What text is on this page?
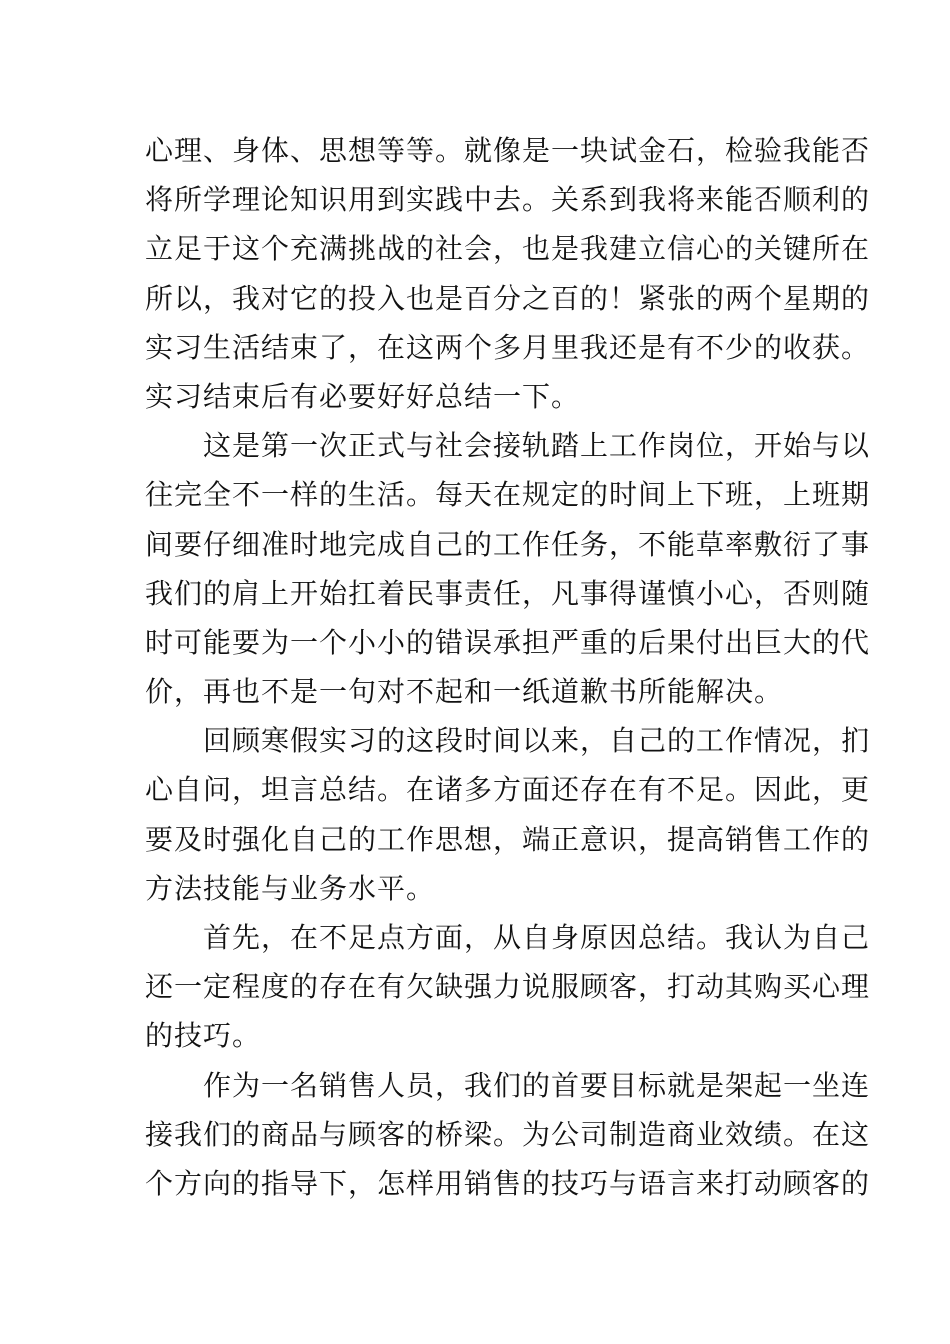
心理、身体、思想等等。就像是一块试金石，检验我能否
将所学理论知识用到实践中去。关系到我将来能否顺利的
立足于这个充满挑战的社会，也是我建立信心的关键所在
所以，我对它的投入也是百分之百的！紧张的两个星期的
实习生活结束了，在这两个多月里我还是有不少的收获。
实习结束后有必要好好总结一下。
这是第一次正式与社会接轨踏上工作岗位，开始与以
往完全不一样的生活。每天在规定的时间上下班，上班期
间要仔细准时地完成自己的工作任务，不能草率敷衍了事
我们的肩上开始扛着民事责任，凡事得谨慎小心，否则随
时可能要为一个小小的错误承担严重的后果付出巨大的代
价，再也不是一句对不起和一纸道歉书所能解决。
回顾寒假实习的这段时间以来，自己的工作情况，扪
心自问，坦言总结。在诸多方面还存在有不足。因此，更
要及时强化自己的工作思想，端正意识，提高销售工作的
方法技能与业务水平。
首先，在不足点方面，从自身原因总结。我认为自己
还一定程度的存在有欠缺强力说服顾客，打动其购买心理
的技巧。
作为一名销售人员，我们的首要目标就是架起一坐连
接我们的商品与顾客的桥梁。为公司制造商业效绩。在这
个方向的指导下，怎样用销售的技巧与语言来打动顾客的
